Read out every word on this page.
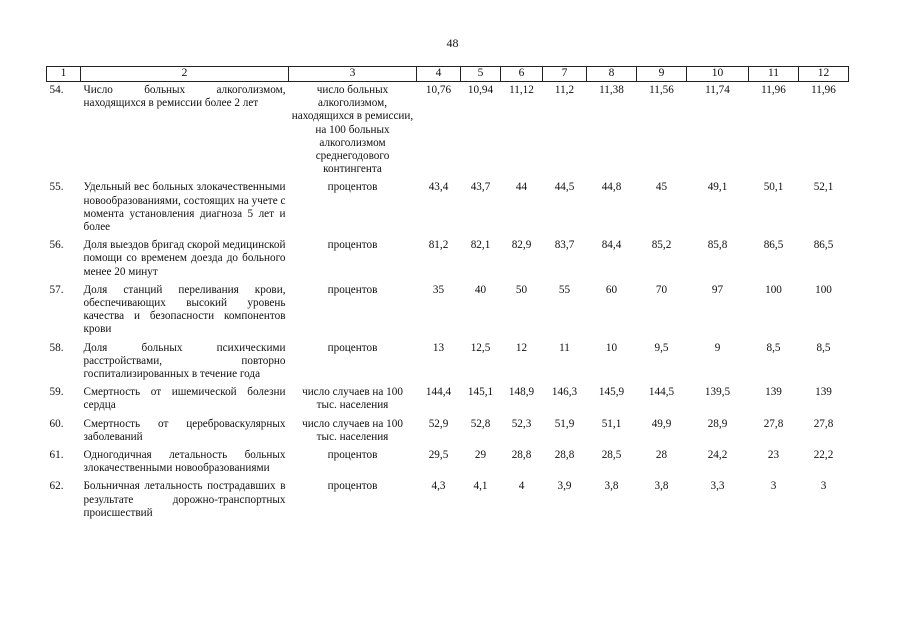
48
1	2	3	4	5	6	7	8	9	10	11	12
54.	Число больных алкоголизмом, находящихся в ремиссии более 2 лет	число больных алкоголизмом, находящихся в ремиссии, на 100 больных алкоголизмом среднегодового контингента	10,76	10,94	11,12	11,2	11,38	11,56	11,74	11,96	11,96
55.	Удельный вес больных злокачественными новообразованиями, состоящих на учете с момента установления диагноза 5 лет и более	процентов	43,4	43,7	44	44,5	44,8	45	49,1	50,1	52,1
56.	Доля выездов бригад скорой медицинской помощи со временем доезда до больного менее 20 минут	процентов	81,2	82,1	82,9	83,7	84,4	85,2	85,8	86,5	86,5
57.	Доля станций переливания крови, обеспечивающих высокий уровень качества и безопасности компонентов крови	процентов	35	40	50	55	60	70	97	100	100
58.	Доля больных психическими расстройствами, повторно госпитализированных в течение года	процентов	13	12,5	12	11	10	9,5	9	8,5	8,5
59.	Смертность от ишемической болезни сердца	число случаев на 100 тыс. населения	144,4	145,1	148,9	146,3	145,9	144,5	139,5	139	139
60.	Смертность от цереброваскулярных заболеваний	число случаев на 100 тыс. населения	52,9	52,8	52,3	51,9	51,1	49,9	28,9	27,8	27,8
61.	Одногодичная летальность больных злокачественными новообразованиями	процентов	29,5	29	28,8	28,8	28,5	28	24,2	23	22,2
62.	Больничная летальность пострадавших в результате дорожно-транспортных происшествий	процентов	4,3	4,1	4	3,9	3,8	3,8	3,3	3	3
